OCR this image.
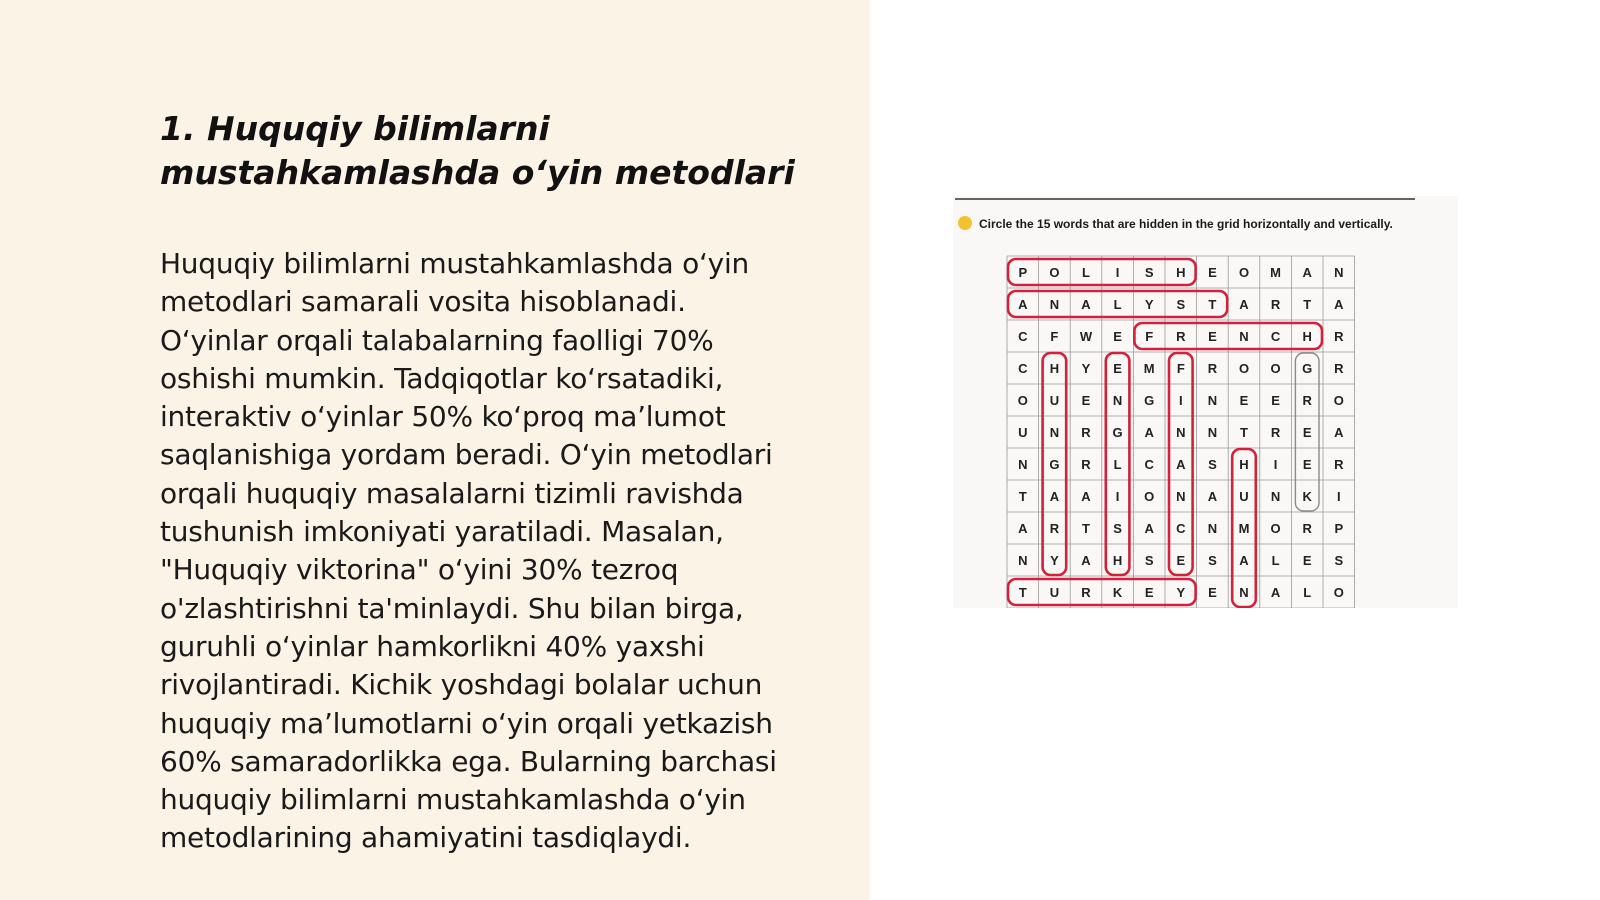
1. Huquqiy bilimlarni mustahkamlashda o‘yin metodlari

Huquqiy bilimlarni mustahkamlashda o‘yin
metodlari samarali vosita hisoblanadi.
O‘yinlar orqali talabalarning faolligi 70%
oshishi mumkin. Tadqiqotlar ko‘rsatadiki,
interaktiv o‘yinlar 50% ko‘proq ma’lumot
saqlanishiga yordam beradi. O‘yin metodlari
orqali huquqiy masalalarni tizimli ravishda
tushunish imkoniyati yaratiladi. Masalan,
"Huquqiy viktorina" o‘yini 30% tezroq
o'zlashtirishni ta'minlaydi. Shu bilan birga,
guruhli o‘yinlar hamkorlikni 40% yaxshi
rivojlantiradi. Kichik yoshdagi bolalar uchun
huquqiy ma’lumotlarni o‘yin orqali yetkazish
60% samaradorlikka ega. Bularning barchasi
huquqiy bilimlarni mustahkamlashda o‘yin
metodlarining ahamiyatini tasdiqlaydi.

Circle the 15 words that are hidden in the grid horizontally and vertically.
P O L I S H E O M A N
A N A L Y S T A R T A
C F W E F R E N C H R
C H Y E M F R O O G R
O U E N G I N E E R O
U N R G A N N T R E A
N G R L C A S H I E R
T A A I O N A U N K I
A R T S A C N M O R P
N Y A H S E S A L E S
T U R K E Y E N A L O
